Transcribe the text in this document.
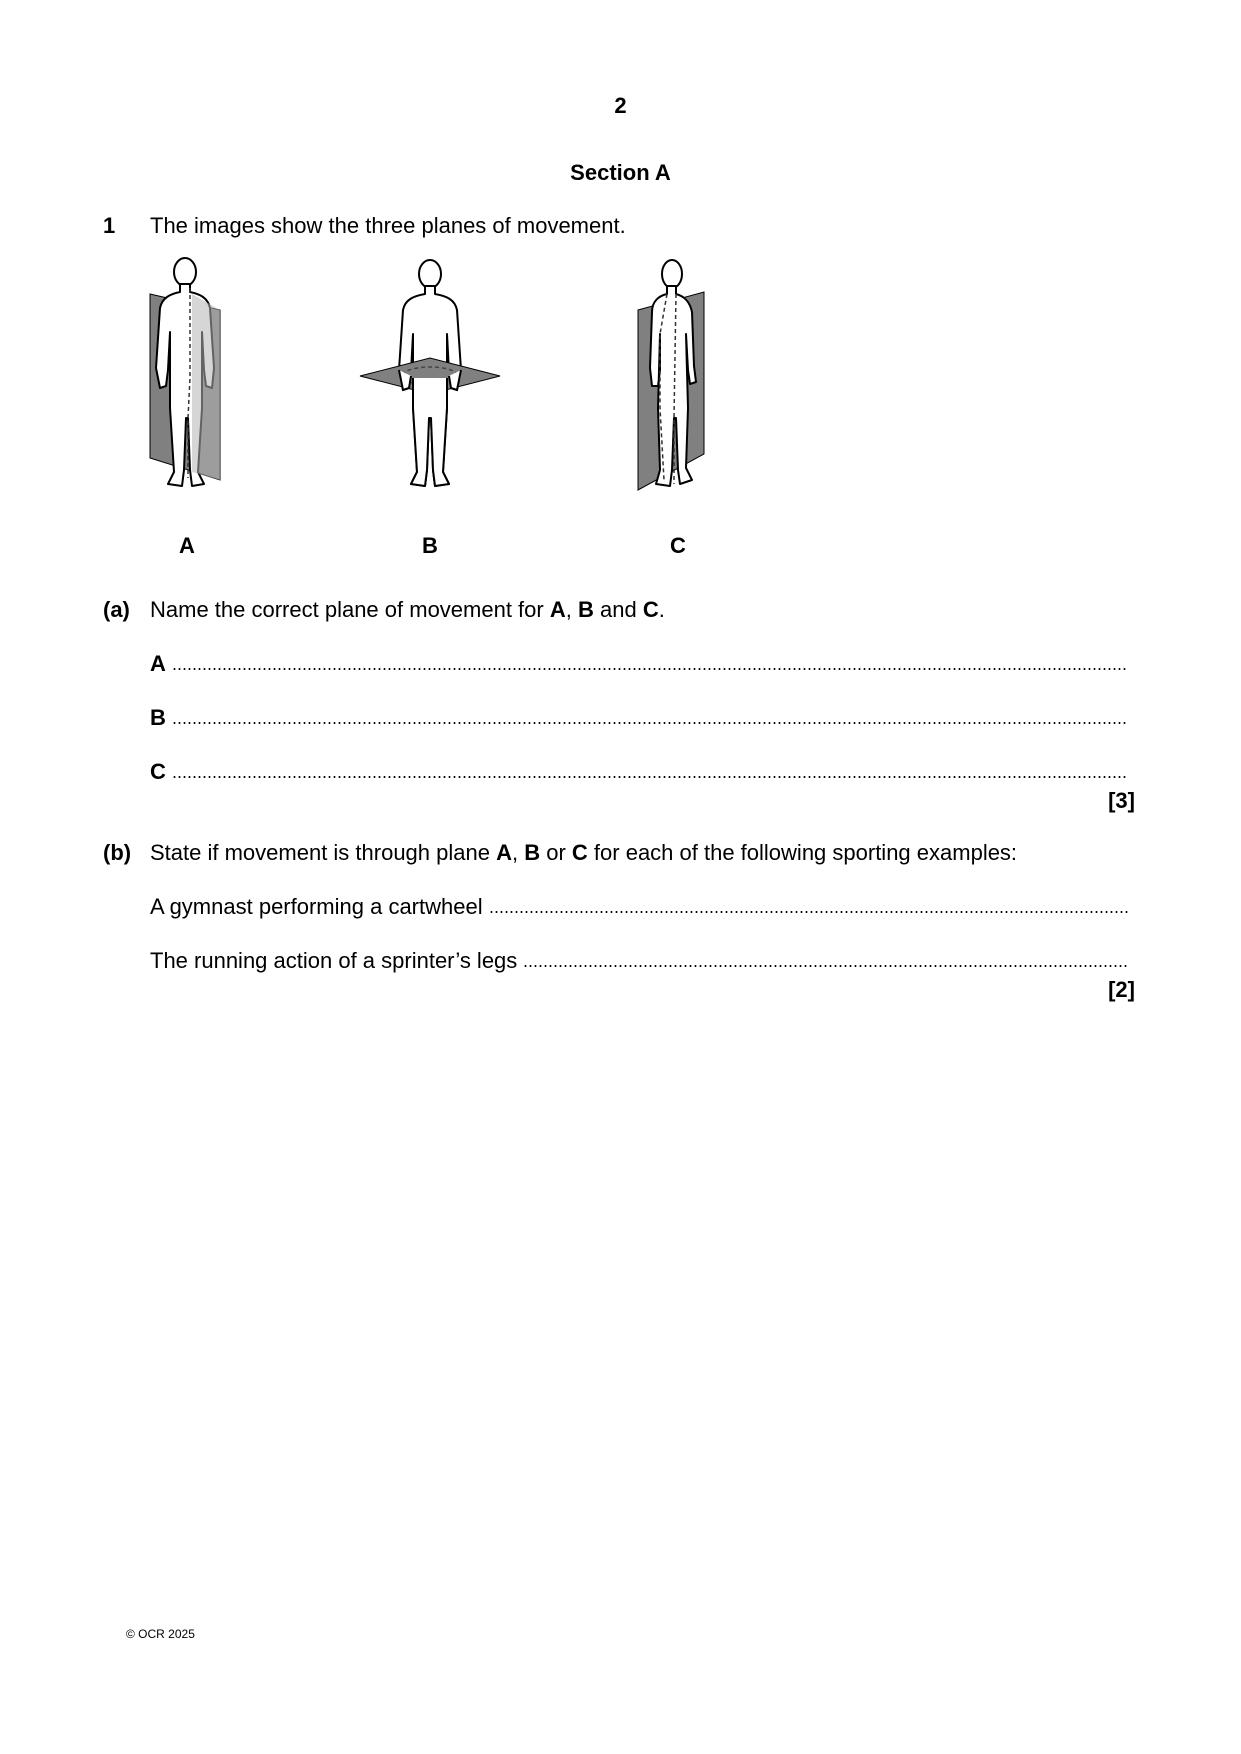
2
Section A
1 The images show the three planes of movement.
A	B	C
(a) Name the correct plane of movement for A, B and C.
A
B
C
[3]
(b) State if movement is through plane A, B or C for each of the following sporting examples:
A gymnast performing a cartwheel
The running action of a sprinter’s legs
[2]
© OCR 2025
